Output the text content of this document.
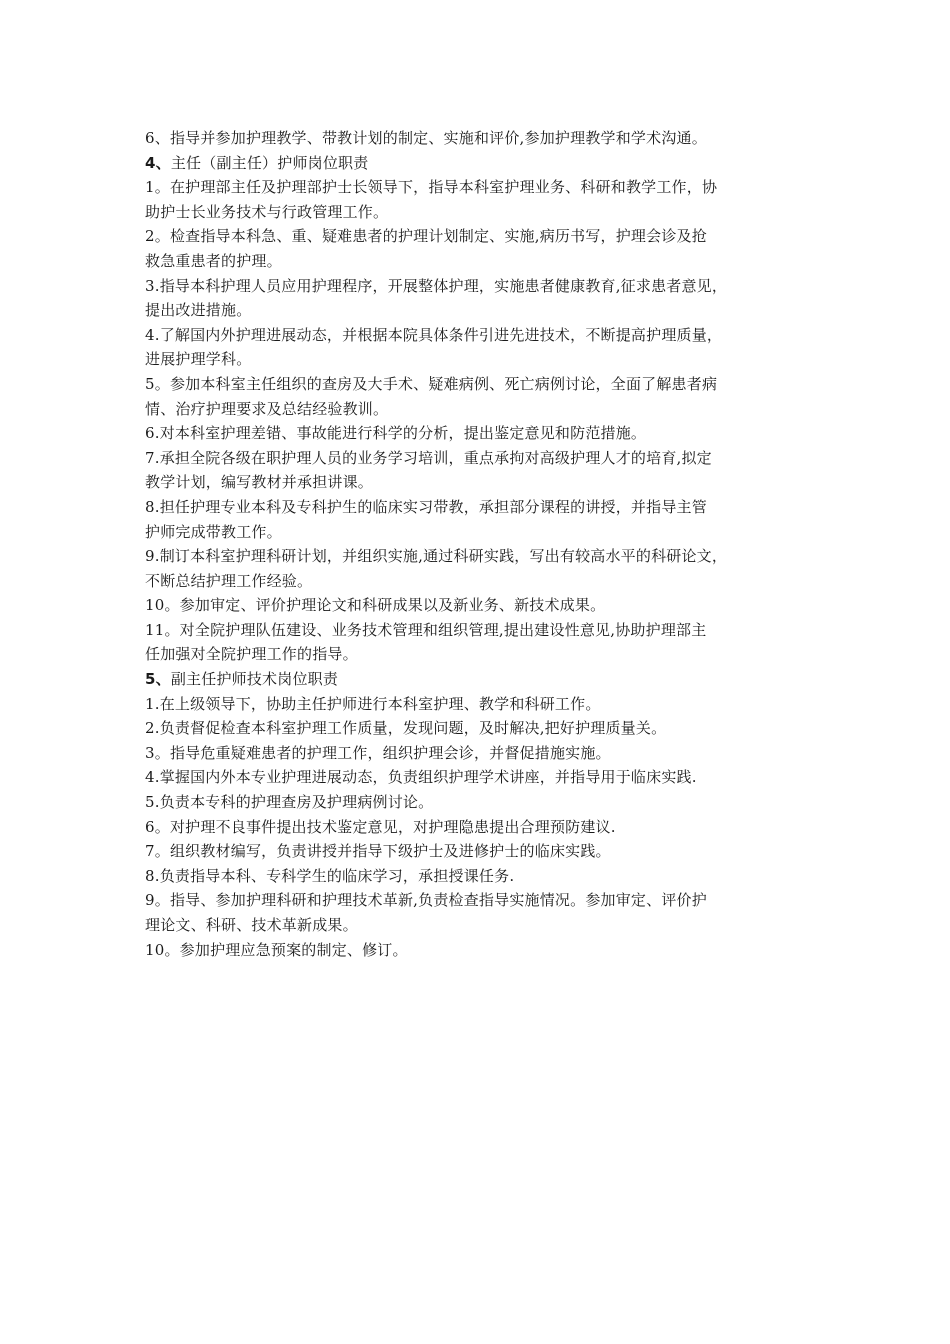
6、指导并参加护理教学、带教计划的制定、实施和评价,参加护理教学和学术沟通。
4、主任（副主任）护师岗位职责
1。在护理部主任及护理部护士长领导下，指导本科室护理业务、科研和教学工作，协
助护士长业务技术与行政管理工作。
2。检查指导本科急、重、疑难患者的护理计划制定、实施,病历书写，护理会诊及抢
救急重患者的护理。
3.指导本科护理人员应用护理程序，开展整体护理，实施患者健康教育,征求患者意见，
提出改进措施。
4.了解国内外护理进展动态，并根据本院具体条件引进先进技术，不断提高护理质量，
进展护理学科。
5。参加本科室主任组织的查房及大手术、疑难病例、死亡病例讨论，全面了解患者病
情、治疗护理要求及总结经验教训。
6.对本科室护理差错、事故能进行科学的分析，提出鉴定意见和防范措施。
7.承担全院各级在职护理人员的业务学习培训，重点承拘对高级护理人才的培育,拟定
教学计划，编写教材并承担讲课。
8.担任护理专业本科及专科护生的临床实习带教，承担部分课程的讲授，并指导主管
护师完成带教工作。
9.制订本科室护理科研计划，并组织实施,通过科研实践，写出有较高水平的科研论文，
不断总结护理工作经验。
10。参加审定、评价护理论文和科研成果以及新业务、新技术成果。
11。对全院护理队伍建设、业务技术管理和组织管理,提出建设性意见,协助护理部主
任加强对全院护理工作的指导。
5、副主任护师技术岗位职责
1.在上级领导下，协助主任护师进行本科室护理、教学和科研工作。
2.负责督促检查本科室护理工作质量，发现问题，及时解决,把好护理质量关。
3。指导危重疑难患者的护理工作，组织护理会诊，并督促措施实施。
4.掌握国内外本专业护理进展动态，负责组织护理学术讲座，并指导用于临床实践.
5.负责本专科的护理查房及护理病例讨论。
6。对护理不良事件提出技术鉴定意见，对护理隐患提出合理预防建议.
7。组织教材编写，负责讲授并指导下级护士及进修护士的临床实践。
8.负责指导本科、专科学生的临床学习，承担授课任务.
9。指导、参加护理科研和护理技术革新,负责检查指导实施情况。参加审定、评价护
理论文、科研、技术革新成果。
10。参加护理应急预案的制定、修订。
